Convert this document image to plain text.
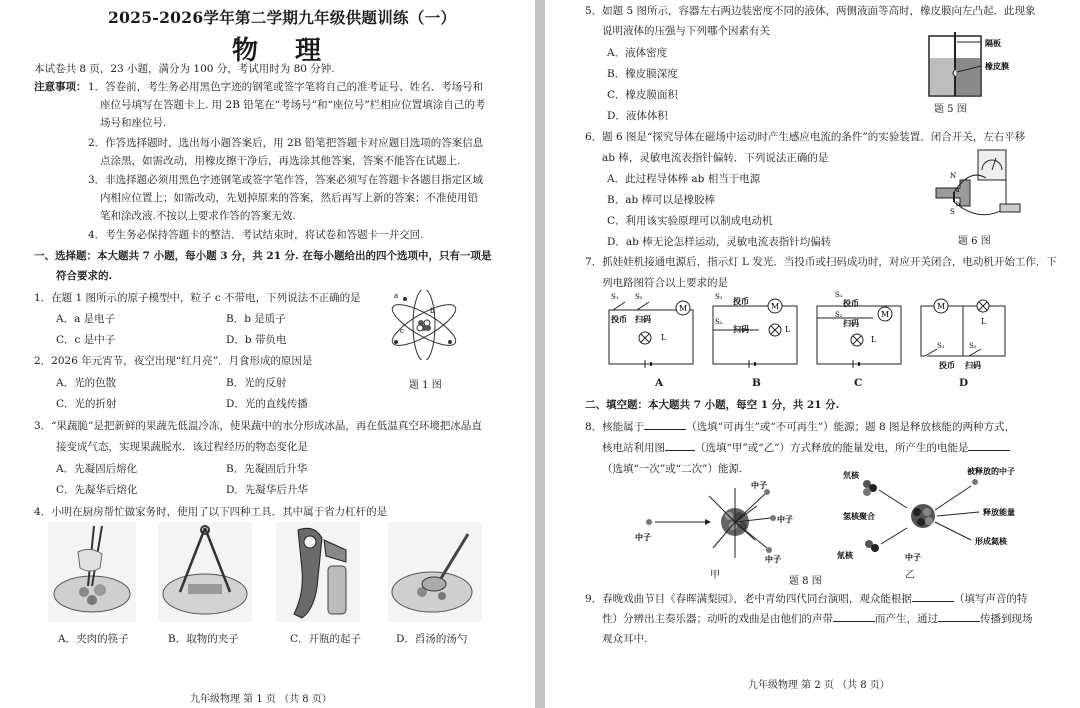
2025-2026学年第二学期九年级供题训练（一）
物 理
本试卷共 8 页，23 小题，满分为 100 分，考试用时为 80 分钟.
注意事项： 1．答卷前，考生务必用黑色字迹的钢笔或签字笔将自己的准考证号、姓名、考场号和
座位号填写在答题卡上. 用 2B 铅笔在“考场号”和“座位号”栏相应位置填涂自己的考
场号和座位号.
2．作答选择题时，选出每小题答案后，用 2B 铅笔把答题卡对应题目选项的答案信息
点涂黑，如需改动，用橡皮擦干净后，再选涂其他答案，答案不能答在试题上.
3．非选择题必须用黑色字迹钢笔或签字笔作答，答案必须写在答题卡各题目指定区域
内相应位置上；如需改动，先划掉原来的答案，然后再写上新的答案；不准使用铅
笔和涂改液.不按以上要求作答的答案无效.
4．考生务必保持答题卡的整洁．考试结束时，将试卷和答题卡一并交回.
一、选择题：本大题共 7 小题，每小题 3 分，共 21 分. 在每小题给出的四个选项中，只有一项是
符合要求的.
1．在题 1 图所示的原子模型中，粒子 c 不带电，下列说法不正确的是
A．a 是电子	B．b 是质子
C．c 是中子	D．b 带负电
a
b
c
题 1 图
2．2026 年元宵节，夜空出现“红月亮”．月食形成的原因是
A．光的色散	B．光的反射
C．光的折射	D．光的直线传播
3．“果蔬脆”是把新鲜的果蔬先低温冷冻，使果蔬中的水分形成冰晶，再在低温真空环境把冰晶直
接变成气态，实现果蔬脱水．该过程经历的物态变化是
A．先凝固后熔化	B．先凝固后升华
C．先凝华后熔化	D．先凝华后升华
4．小明在厨房帮忙做家务时，使用了以下四种工具．其中属于省力杠杆的是
A．夹肉的筷子	B．取物的夹子	C．开瓶的起子	D．舀汤的汤勺
九年级物理 第 1 页 （共 8 页）
5．如题 5 图所示，容器左右两边装密度不同的液体，两侧液面等高时，橡皮膜向左凸起．此现象
说明液体的压强与下列哪个因素有关
A．液体密度
B．橡皮膜深度
C．橡皮膜面积
D．液体体积
隔板
橡皮膜
题 5 图
6．题 6 图是“探究导体在磁场中运动时产生感应电流的条件”的实验装置．闭合开关，左右平移
ab 棒，灵敏电流表指针偏转．下列说法正确的是
A．此过程导体棒 ab 相当于电源
B．ab 棒可以是橡胶棒
C．利用该实验原理可以制成电动机
D．ab 棒无论怎样运动，灵敏电流表指针均偏转
N
S
a
b
题 6 图
7．抓娃娃机接通电源后，指示灯 L 发光．当投币或扫码成功时，对应开关闭合，电动机开始工作．下
列电路图符合以上要求的是
M
L
S₁ S₂
投币 扫码
M
L
S₁
S₂
投币
扫码
M
L
S₁
S₂
投币
扫码
M
L
S₁	S₂
投币 扫码
A	B	C	D
二、填空题：本大题共 7 小题，每空 1 分，共 21 分.
8．核能属于	（选填“可再生”或“不可再生”）能源；题 8 图是释放核能的两种方式，
核电站利用图	（选填“甲”或“乙”）方式释放的能量发电，所产生的电能是
（选填“一次”或“二次”）能源.
中子
中子
中子
中子
氘核
氚核
氢核聚合
被释放的中子
释放能量
形成氦核
中子
甲	乙
题 8 图
9．春晚戏曲节目《春晖满梨园》，老中青幼四代同台演唱，观众能根据	（填写声音的特
性）分辨出主奏乐器；动听的戏曲是由他们的声带	而产生，通过	传播到现场
观众耳中.
九年级物理 第 2 页 （共 8 页）
